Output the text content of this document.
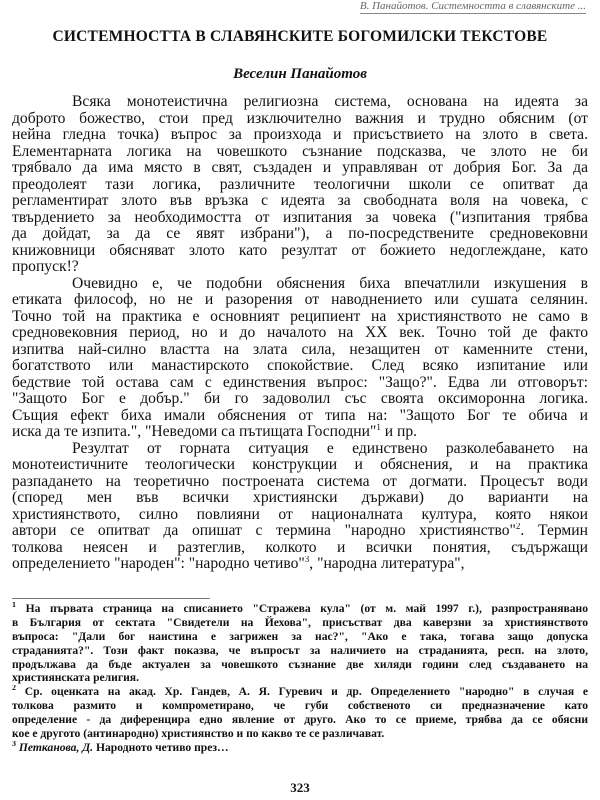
В. Панайотов. Системността в славянските ...
СИСТЕМНОСТТА В СЛАВЯНСКИТЕ БОГОМИЛСКИ ТЕКСТОВЕ
Веселин Панайотов
Всяка монотеистична религиозна система, основана на идеята за
доброто божество, стои пред изключително важния и трудно обясним (от
нейна гледна точка) въпрос за произхода и присъствието на злото в света.
Елементарната логика на човешкото съзнание подсказва, че злото не би
трябвало да има място в свят, създаден и управляван от добрия Бог. За да
преодолеят тази логика, различните теологични школи се опитват да
регламентират злото във връзка с идеята за свободната воля на човека, с
твърдението за необходимостта от изпитания за човека ("изпитания трябва
да дойдат, за да се явят избрани"), а по-посредствените средновековни
книжовници обясняват злото като резултат от божието недоглеждане, като
пропуск!?
Очевидно е, че подобни обяснения биха впечатлили изкушения в
етиката философ, но не и разорения от наводнението или сушата селянин.
Точно той на практика е основният реципиент на християнството не само в
средновековния период, но и до началото на XX век. Точно той де факто
изпитва най-силно властта на злата сила, незащитен от каменните стени,
богатството или манастирското спокойствие. След всяко изпитание или
бедствие той остава сам с единствения въпрос: "Защо?". Едва ли отговорът:
"Защото Бог е добър." би го задоволил със своята оксиморонна логика.
Същия ефект биха имали обяснения от типа на: "Защото Бог те обича и
иска да те изпита.", "Неведоми са пътищата Господни"$^1$ и пр.
Резултат от горната ситуация е единствено разколебаването на
монотеистичните теологически конструкции и обяснения, и на практика
разпадането на теоретично построената система от догмати. Процесът води
(според мен във всички християнски държави) до варианти на
християнството, силно повлияни от националната култура, която някои
автори се опитват да опишат с термина "народно християнство"$^2$. Термин
толкова неясен и разтеглив, колкото и всички понятия, съдържащи
определението "народен": "народно четиво"$^3$, "народна литература",
$^1$ На първата страница на списанието "Стражева кула" (от м. май 1997 г.), разпространявано
в България от сектата "Свидетели на Йехова", присъстват два каверзни за християнството
въпроса: "Дали бог наистина е загрижен за нас?", "Ако е така, тогава защо допуска
страданията?". Този факт показва, че въпросът за наличието на страданията, респ. на злото,
продължава да бъде актуален за човешкото съзнание две хиляди години след създаването на
християнската религия.
$^2$ Ср. оценката на акад. Хр. Гандев, А. Я. Гуревич и др. Определението "народно" в случая е
толкова размито и компрометирано, че губи собственото си предназначение като
определение - да диференцира едно явление от друго. Ако то се приеме, трябва да се обясни
кое е другото (антинародно) християнство и по какво те се различават.
$^3$ Петканова, Д. Народното четиво през…
323
